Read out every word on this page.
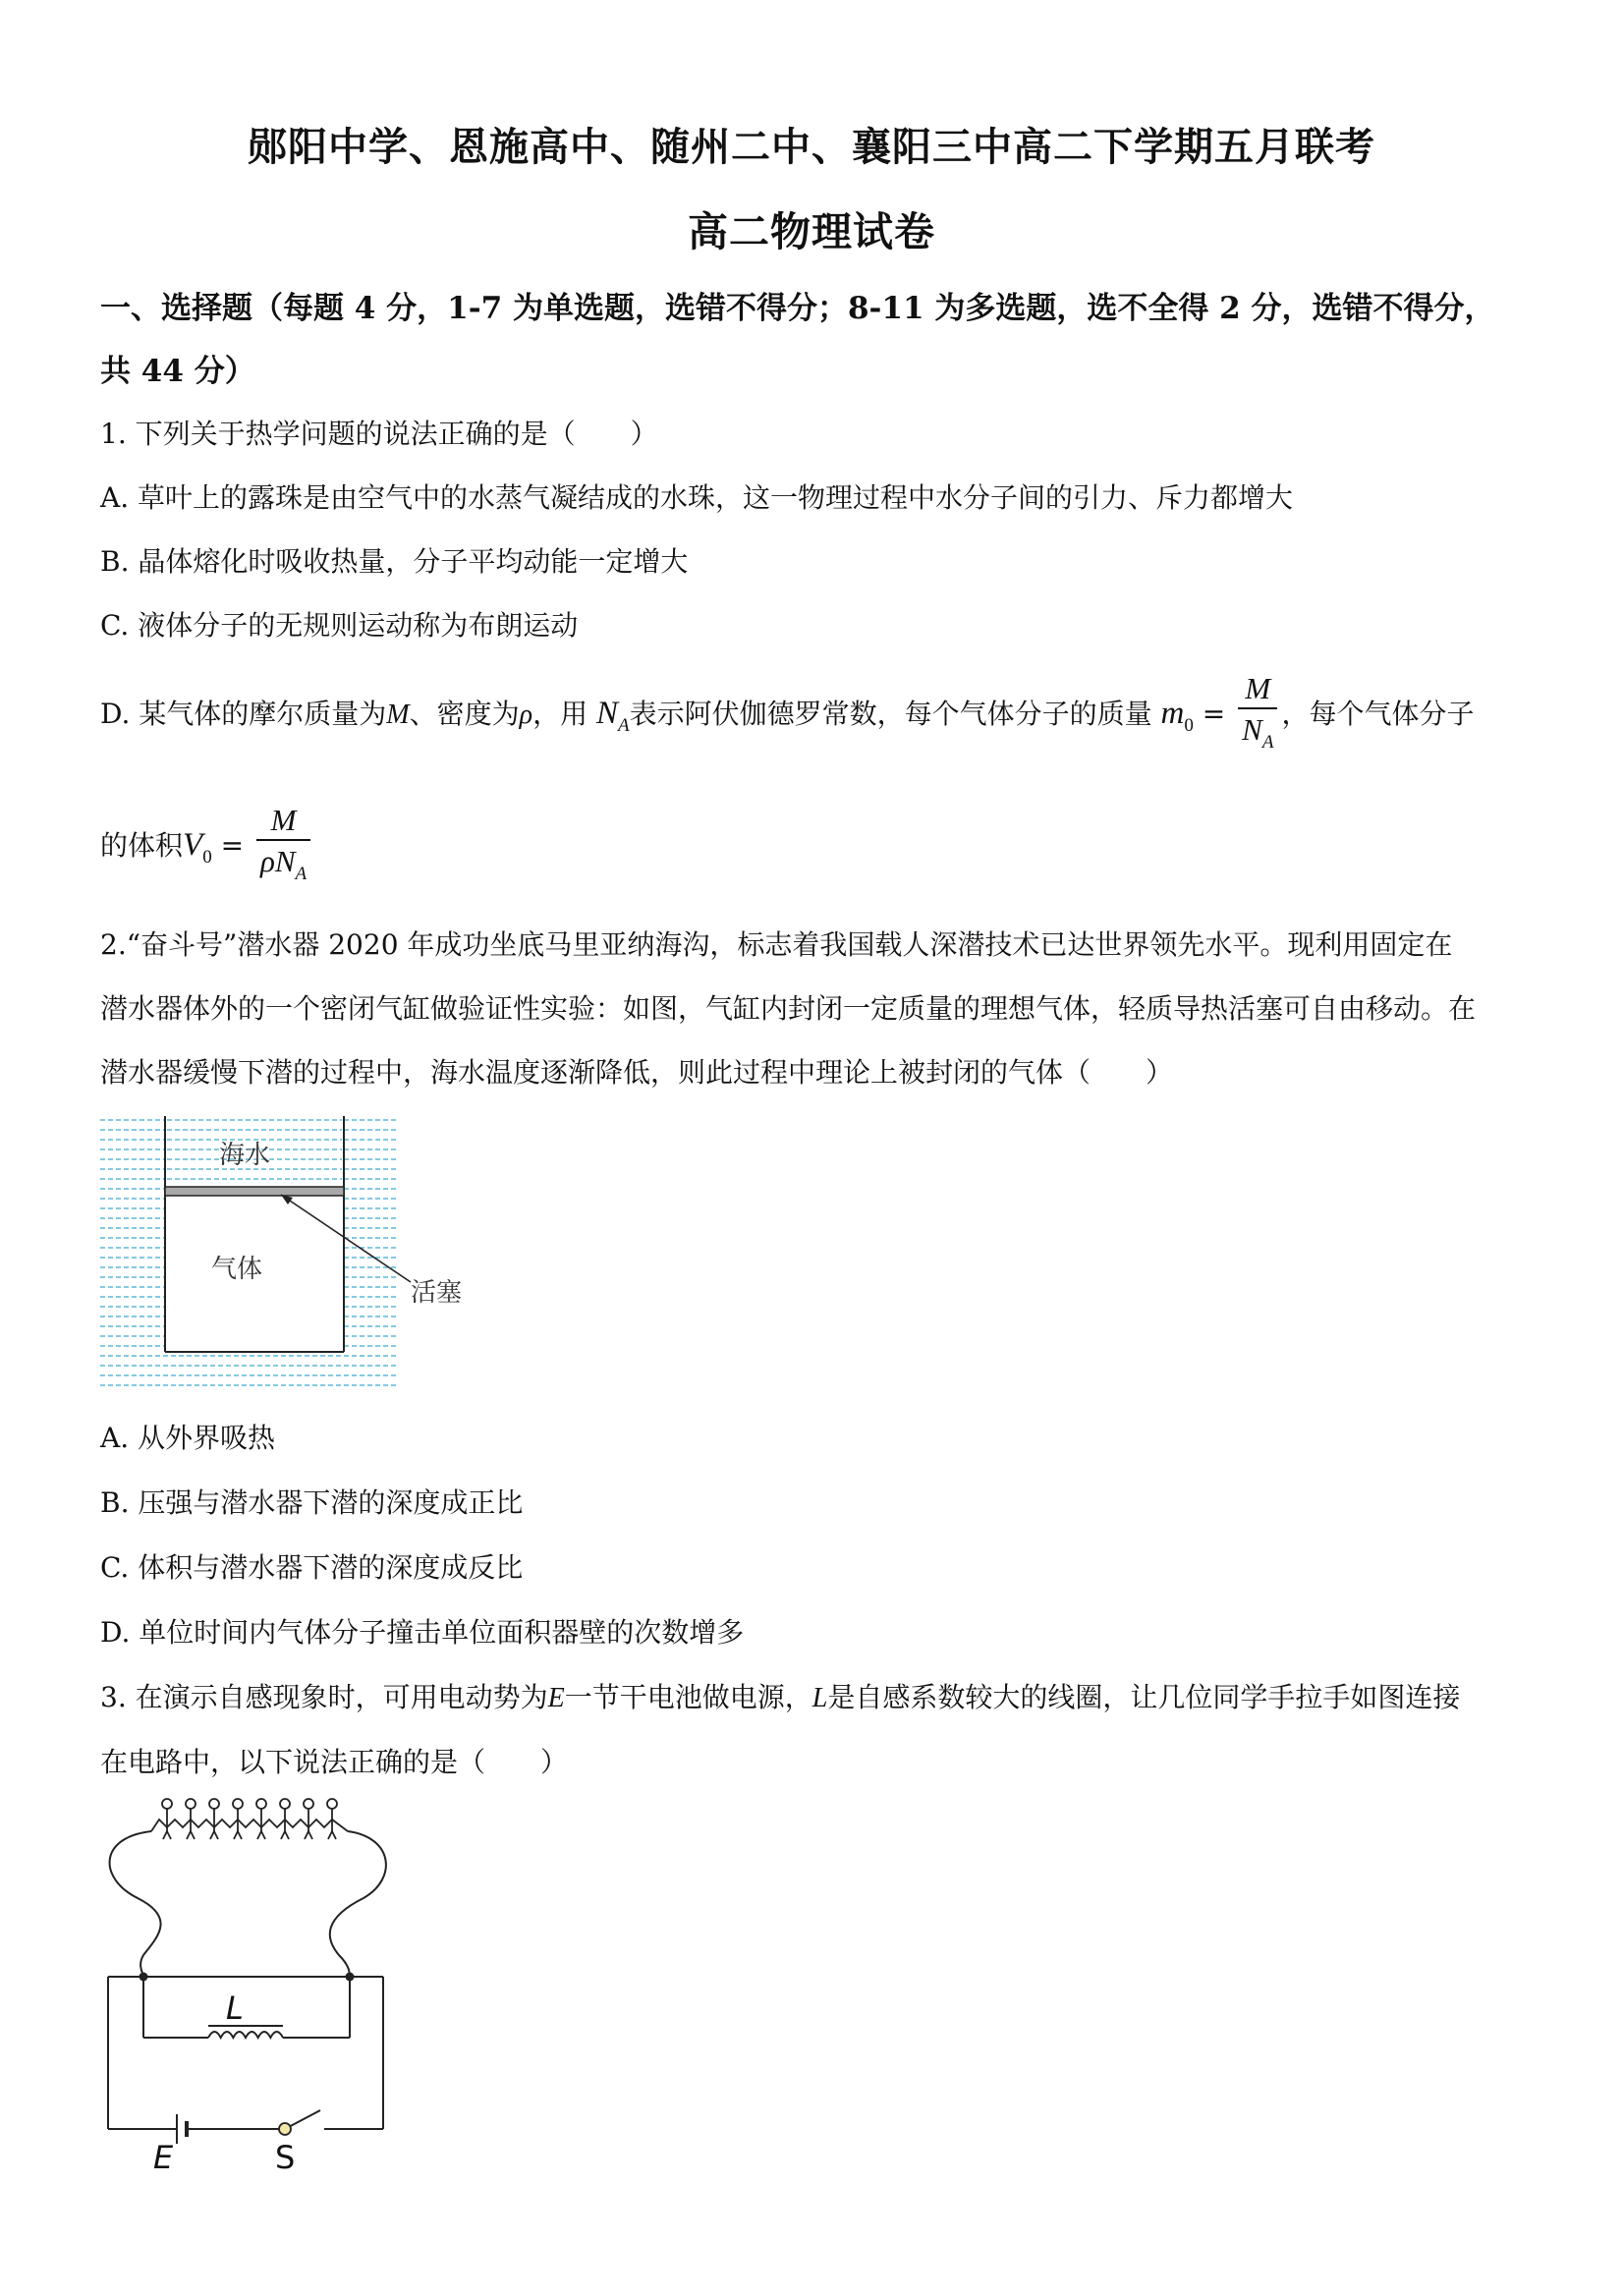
郧阳中学、恩施高中、随州二中、襄阳三中高二下学期五月联考
高二物理试卷
一、选择题（每题 4 分，1-7 为单选题，选错不得分；8-11 为多选题，选不全得 2 分，选错不得分，
共 44 分）
1. 下列关于热学问题的说法正确的是（　　）
A. 草叶上的露珠是由空气中的水蒸气凝结成的水珠，这一物理过程中水分子间的引力、斥力都增大
B. 晶体熔化时吸收热量，分子平均动能一定增大
C. 液体分子的无规则运动称为布朗运动
D. 某气体的摩尔质量为M、密度为ρ，用 $N_A$表示阿伏伽德罗常数，每个气体分子的质量 $m_0 = \frac{M}{N_A}$ ，每个气体分子
的体积$V_0 = \frac{M}{\rho N_A}$
2.“奋斗号”潜水器 2020 年成功坐底马里亚纳海沟，标志着我国载人深潜技术已达世界领先水平。现利用固定在
潜水器体外的一个密闭气缸做验证性实验：如图，气缸内封闭一定质量的理想气体，轻质导热活塞可自由移动。在
潜水器缓慢下潜的过程中，海水温度逐渐降低，则此过程中理论上被封闭的气体（　　）
海水
气体
活塞
A. 从外界吸热
B. 压强与潜水器下潜的深度成正比
C. 体积与潜水器下潜的深度成反比
D. 单位时间内气体分子撞击单位面积器壁的次数增多
3. 在演示自感现象时，可用电动势为E一节干电池做电源，L是自感系数较大的线圈，让几位同学手拉手如图连接
在电路中，以下说法正确的是（　　）
L
E	S
